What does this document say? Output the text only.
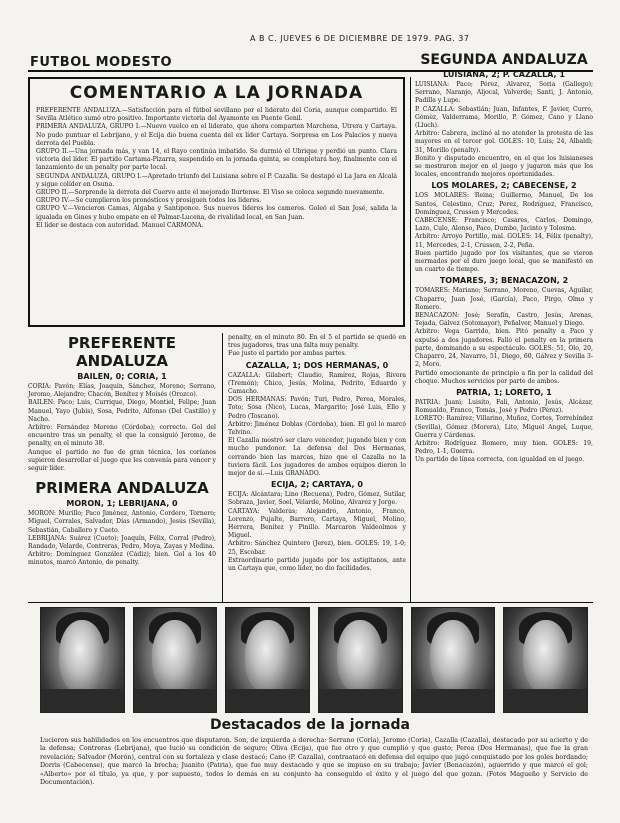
A B C. JUEVES 6 DE DICIEMBRE DE 1979. PAG. 37
FUTBOL MODESTO
COMENTARIO A LA JORNADA

PREFERENTE ANDALUZA.—Satisfacción para el fútbol sevillano por el liderato del Coria, aunque compartido. El Sevilla Atlético sumó otro positivo. Importante victoria del Ayamonte en Puente Genil.

PRIMERA ANDALUZA, GRUPO I.—Nuevo vuelco en el liderato, que ahora comparten Marchena, Utrera y Cartaya. No pudo puntuar el Lebrijano, y el Ecija dio buena cuenta del ex líder Cartaya. Sorpresa en Los Palacios y nueva derrota del Puebla.

GRUPO II.—Una jornada más, y van 14, el Rayo continúa imbatido. Se durmió el Ubrique y perdió un punto. Clara victoria del líder. El partido Cartama-Pizarra, suspendido en la jornada quinta, se completará hoy, finalmente con el lanzamiento de un penalty por parte local.

SEGUNDA ANDALUZA, GRUPO I.—Apretado triunfo del Luisiana sobre el P. Cazalla. Se destapó el La Jara en Alcalá y sigue colíder en Osuna.

GRUPO II.—Sorprende la derrota del Cuervo ante el mejorado Ilurtense. El Viso se coloca segundo nuevamente.

GRUPO IV.—Se cumplieron los pronósticos y prosiguen todos los líderes.

GRUPO V.—Vencieron Camas, Algaba y Santiponce. Sus nuevos líderes los cameros. Goleó el San José, salida la igualada en Gines y hubo empate en el Palmar-Lucena, de rivalidad local, en San Juan.

El líder se destaca con autoridad. Manuel CARMONA.

PREFERENTE ANDALUZA
BAILEN, 0; CORIA, 1

CORIA: Pavón; Elías, Joaquín, Sánchez, Moreno; Serrano, Jeromo, Alejandro; Chacón, Benítez y Moisés (Orozco).

BAILEN: Paco; Luis, Currique, Diego, Montiel, Felipe; Juan Manuel, Yayo (Jubis), Sosa, Pedrito, Alfonso (Del Castillo) y Nacho.

Arbitro: Fernández Moreno (Córdoba); correcto. Gol del encuentro tras un penalty, el que la consiguió Jeromo, de penalty, en el minuto 38.

Aunque el partido no fue de gran técnica, los coríanos supieron desarrollar el juego que les convenía para vencer y seguir líder.

PRIMERA ANDALUZA
MORON, 1; LEBRIJANA, 0

MORON: Murillo; Paco Jiménez, Antonio, Cordero, Tornero; Miguel, Corrales, Salvador, Días (Armando), Jesús (Sevilla), Sebastián, Caballero y Cueto.

LEBRIJANA: Suárez (Cueto); Joaquín, Félix, Corral (Pedro), Randado, Velarde, Contreras, Pedro, Moya, Zayas y Medina.

Arbitro: Domínguez González (Cádiz); bien. Gol a los 40 minutos, marcó Antonio, de penalty.

penalty, en el minuto 80. En el 5 el partido se quedó en tres jugadores, tras una falta muy penalty.

Fue justo el partido por ambas partes.

CAZALLA, 1; DOS HERMANAS, 0

CAZALLA: Gilabert; Claudio, Ramírez, Rojas, Rivera (Tremón); Chico, Jesús, Molina, Pedrito, Eduardo y Camacho.

DOS HERMANAS: Pavón; Turi, Pedro, Perea, Morales, Toto; Sosa (Nico), Lucas, Margarito; José Luis, Ello y Pedro (Toscano).

Arbitro: Jiménez Doblas (Córdoba), bien. El gol lo marcó Telvino.

El Cazalla mostró ser claro vencedor, jugando bien y con mucho pundonor. La defensa del Dos Hermanas, cerrando bien las marcas, hizo que el Cazalla no la tuviera fácil. Los jugadores de ambos equipos dieron lo mejor de sí.—Luis GRANADO.

ECIJA, 2; CARTAYA, 0

ECIJA: Alcántara; Lino (Recuena), Pedro, Gómez, Sutilar, Sobraza, Javier, Soel, Velarde, Molino, Alvarez y Jorge.

CARTAYA: Valderas; Alejandro, Antonio, Franco, Lorenzo, Pujalte, Barrero, Cartaya, Miguel, Molino, Herrera, Benítez y Pinillo. Marcaron Valdeolmos y Miguel.

Arbitro: Sánchez Quintero (Jerez), bien. GOLES: 19, 1-0; 25, Escobar.

Extraordinario partido jugado por los astigitanos, ante un Cartaya que, como líder, no dio facilidades.

SEGUNDA ANDALUZA
LUISIANA, 2; P. CAZALLA, 1

LUISIANA: Paco; Pérez, Alvarez, Soria (Gallego); Serrano, Naranjo, Aljocal, Valverde; Santi, J. Antonio, Padilla y Lupe.

P. CAZALLA: Sebastián; Juan, Infantes, F. Javier, Curro, Gómez, Valderrama, Morillo, P. Gómez, Cano y Llano (Lluch).

Arbitro: Cabrera, inclinó al no atender la protesta de las mayores en el tercer gol. GOLES: 10, Luis; 24, Albaldi; 31, Morillo (penalty).

Bonito y disputado encuentro, en el que los luisianeses se mostraron mejor en el juego y jugaron más que los locales, encontrando mejores oportunidades.

LOS MOLARES, 2; CABECENSE, 2

LOS MOLARES: Reina; Guillermo, Manuel, De los Santos, Celestino, Cruz; Perez, Rodríguez, Francisco, Domínguez, Crussen y Mercedes.

CABECENSE: Francisco; Casares, Carlos, Domingo, Lazo, Culo, Alonso, Paco, Dumbo, Jacinto y Tolosma.

Arbitro: Arroyo Portillo, mal. GOLES: 14, Félix (penalty), 11, Mercedes, 2-1, Crussen, 2-2, Peña.

Buen partido jugado por los visitantes, que se vieron mermados por el duro juego local, que se manifestó en un cuarto de tiempo.

TOMARES, 3; BENACAZON, 2

TOMARES: Mariano; Serrano, Moreno, Cuevas, Aguilar, Chaparro, Juan José, (García), Paco, Pirgo, Olmo y Romero.

BENACAZON: José; Serafín, Castro, Jesús, Arenas, Tejada, Gálvez (Sotomayor), Peñalver, Manuel y Diego.

Arbitro: Vega Garrido, bien. Pitó penalty a Paco y expulsó a dos jugadores. Falló el penalty en la primera parte, dominando a su espectáculo. GOLES: 51, Olo, 20, Chaparro, 24, Navarro, 51, Diego, 60, Gálvez y Sevilla 3-2, Moro.

Partido emocionante de principio a fin por la calidad del choque. Muchos servicios por parte de ambos.

PATRIA, 1; LORETO, 1

PATRIA: Juani; Luisito, Fali, Antonio, Jesús, Alcázar, Romualdo, Franco, Tomás, José y Pedro (Pérez).

LORETO: Ramírez; Villarino, Muñoz, Cortes, Torrebíndez (Sevilla), Gómez (Morera), Lito, Miguel Angel, Luque, Guerra y Cárdenas.

Arbitro: Rodríguez Romero, muy bien. GOLES: 19, Pedro, 1-1, Guerra.

Un partido de línea correcta, con igualdad en el juego.

Destacados de la jornada
Lucieron sus habilidades en los encuentros que disputaron. Son, de izquierda a derecha: Serrano (Coria), Jeromo (Coria), Cazalla (Cazalla), destacado por su acierto y de la defensa; Contreras (Lebrijana), que lució su condición de seguro; Oliva (Ecija), que fue otro y que cumplió y que gusto; Perea (Dos Hermanas), que fue la gran revelación; Salvador (Morón), central con su fortaleza y clase destacó; Cano (P. Cazalla), contraatacó en defensa del equipo que jugó conquistado por los goles bordando; Dorris (Cabecense), que marcó la brecha; Juanito (Patria), que fue muy destacado y que se impuso en su trabajo; Javier (Benacazón), aguerrido y que marcó el gol; «Alberto» por el título, ya que, y por supuesto, todos lo demás en su conjunto ha conseguido el éxito y el juego del que gozan. (Fotos Magueño y Servicio de Documentación).
